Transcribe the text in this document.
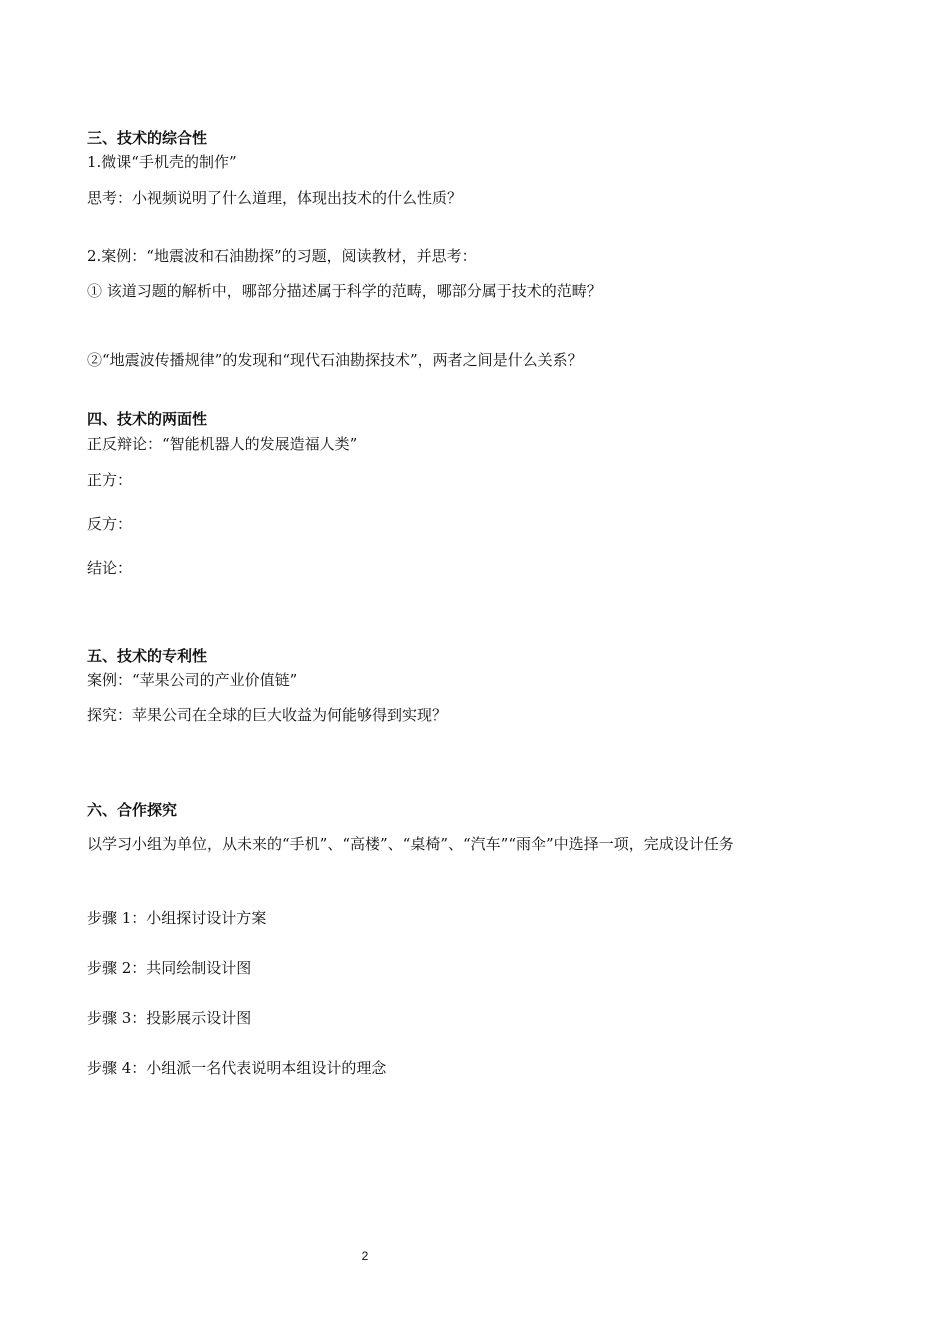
三、技术的综合性
1.微课“手机壳的制作”
思考：小视频说明了什么道理，体现出技术的什么性质？
2.案例：“地震波和石油勘探”的习题，阅读教材，并思考：
① 该道习题的解析中，哪部分描述属于科学的范畴，哪部分属于技术的范畴？
②“地震波传播规律”的发现和“现代石油勘探技术”，两者之间是什么关系？
四、技术的两面性
正反辩论：“智能机器人的发展造福人类”
正方：
反方：
结论：
五、技术的专利性
案例：“苹果公司的产业价值链”
探究：苹果公司在全球的巨大收益为何能够得到实现？
六、合作探究
以学习小组为单位，从未来的“手机”、“高楼”、“桌椅”、“汽车”“雨伞”中选择一项，完成设计任务
步骤 1：小组探讨设计方案
步骤 2：共同绘制设计图
步骤 3：投影展示设计图
步骤 4：小组派一名代表说明本组设计的理念
2
